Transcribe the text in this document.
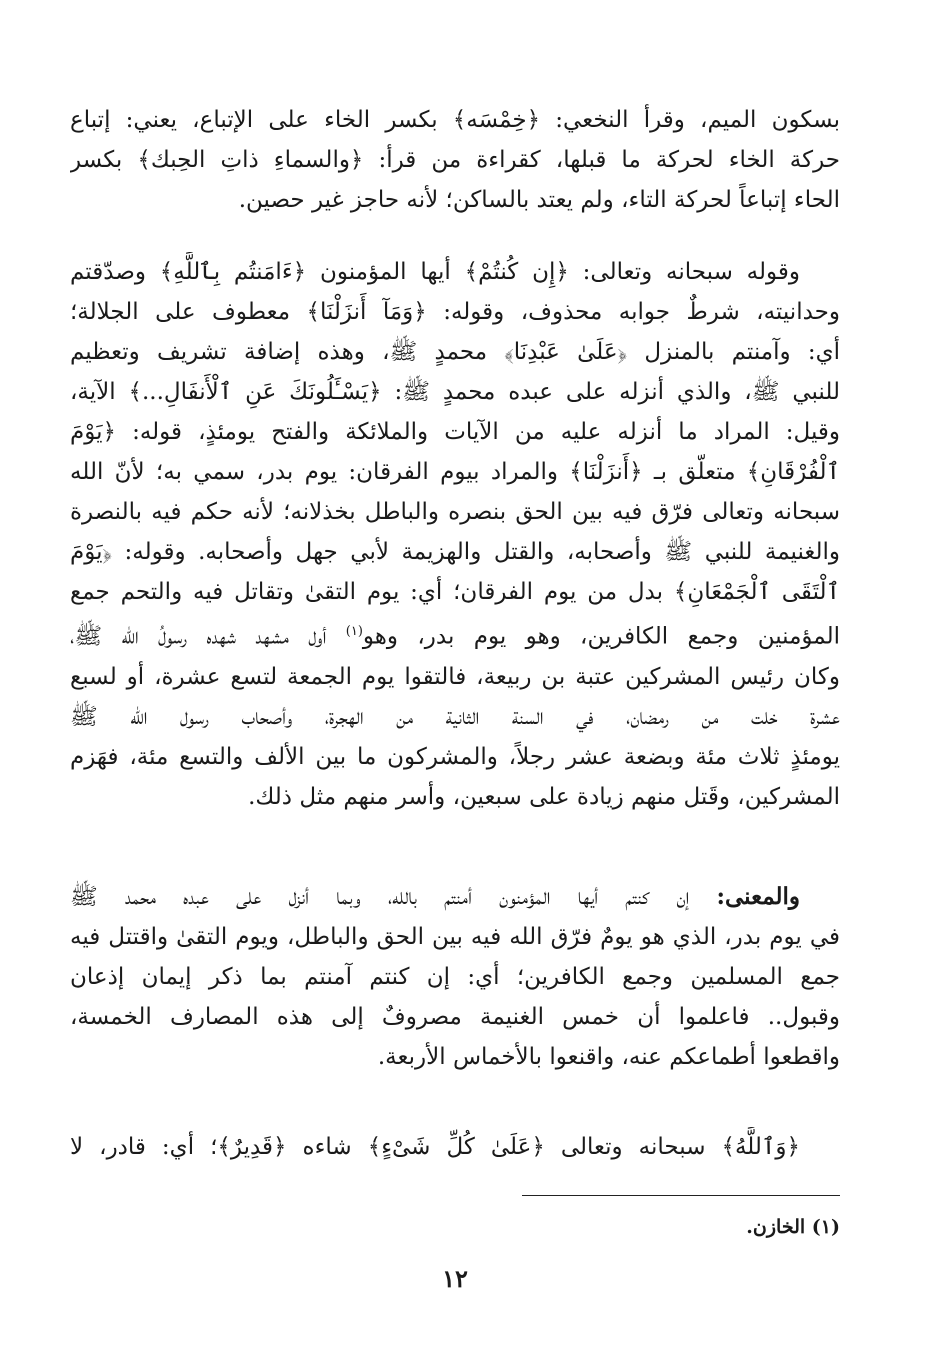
بسكون الميم، وقرأ النخعي: ﴿خِمْسَه﴾ بكسر الخاء على الإتباع، يعني: إتباع
حركة الخاء لحركة ما قبلها، كقراءة من قرأ: ﴿والسماءِ ذاتِ الحِبك﴾ بكسر
الحاء إتباعاً لحركة التاء، ولم يعتد بالساكن؛ لأنه حاجز غير حصين.

وقوله سبحانه وتعالى: ﴿إِن كُنتُمْ﴾ أيها المؤمنون ﴿ءَامَنتُم بِٱللَّهِ﴾ وصدّقتم
وحدانيته، شرطٌ جوابه محذوف، وقوله: ﴿وَمَآ أَنزَلْنَا﴾ معطوف على الجلالة؛
أي: وآمنتم بالمنزل ﴿عَلَىٰ عَبْدِنَا﴾ محمدٍ ﷺ، وهذه إضافة تشريف وتعظيم
للنبي ﷺ، والذي أنزله على عبده محمدٍ ﷺ: ﴿يَسْـَٔلُونَكَ عَنِ ٱلْأَنفَالِ...﴾ الآية،
وقيل: المراد ما أنزله عليه من الآيات والملائكة والفتح يومئذٍ، قوله: ﴿يَوْمَ
ٱلْفُرْقَانِ﴾ متعلّق بـ ﴿أَنزَلْنَا﴾ والمراد بيوم الفرقان: يوم بدر، سمي به؛ لأنّ الله
سبحانه وتعالى فرّق فيه بين الحق بنصره والباطل بخذلانه؛ لأنه حكم فيه بالنصرة
والغنيمة للنبي ﷺ وأصحابه، والقتل والهزيمة لأبي جهل وأصحابه. وقوله: ﴿يَوْمَ
ٱلْتَقَى ٱلْجَمْعَانِ﴾ بدل من يوم الفرقان؛ أي: يوم التقىٰ وتقاتل فيه والتحم جمع
المؤمنين وجمع الكافرين، وهو يوم بدر، وهو$^{(١)}$ أول مشهد شهده رسولُ الله ﷺ،
وكان رئيس المشركين عتبة بن ربيعة، فالتقوا يوم الجمعة لتسع عشرة، أو لسبع
عشرة خلت من رمضان، في السنة الثانية من الهجرة، وأصحاب رسول الله ﷺ
يومئذٍ ثلاث مئة وبضعة عشر رجلاً، والمشركون ما بين الألف والتسع مئة، فهَزم
المشركين، وقَتل منهم زيادة على سبعين، وأسر منهم مثل ذلك.

والمعنى: إن كنتم أيها المؤمنون أمنتم بالله، وبما أنزل على عبده محمد ﷺ
في يوم بدر، الذي هو يومٌ فرّق الله فيه بين الحق والباطل، ويوم التقىٰ واقتتل فيه
جمع المسلمين وجمع الكافرين؛ أي: إن كنتم آمنتم بما ذكر إيمان إذعان
وقبول.. فاعلموا أن خمس الغنيمة مصروفٌ إلى هذه المصارف الخمسة،
واقطعوا أطماعكم عنه، واقنعوا بالأخماس الأربعة.

﴿وَٱللَّهُ﴾ سبحانه وتعالى ﴿عَلَىٰ كُلِّ شَىْءٍ﴾ شاءه ﴿قَدِيرٌ﴾؛ أي: قادر، لا

(١) الخازن.
١٢
